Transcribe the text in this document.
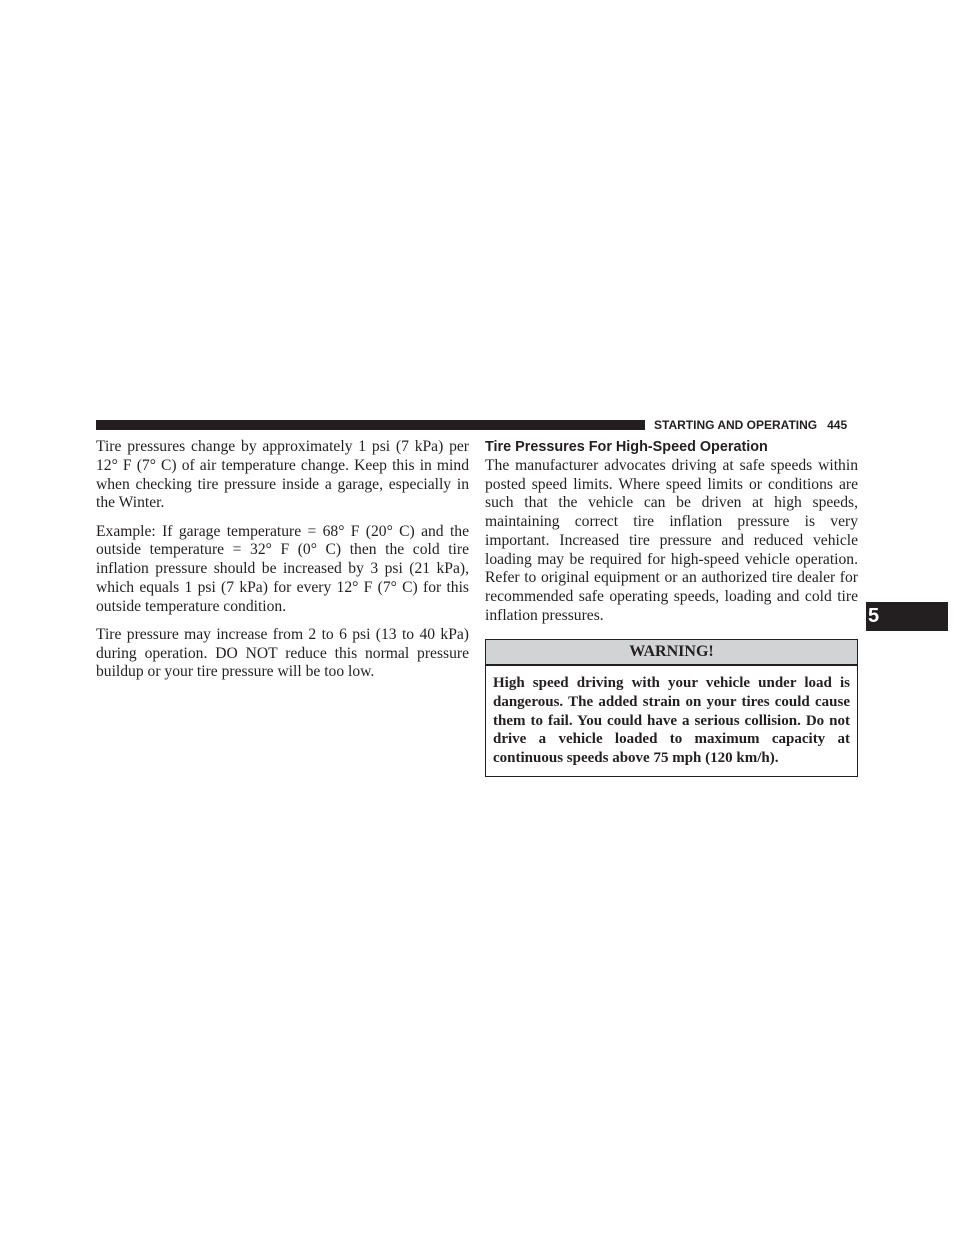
STARTING AND OPERATING 445

Tire pressures change by approximately 1 psi (7 kPa) per 12° F (7° C) of air temperature change. Keep this in mind when checking tire pressure inside a garage, especially in the Winter.

Example: If garage temperature = 68° F (20° C) and the outside temperature = 32° F (0° C) then the cold tire inflation pressure should be increased by 3 psi (21 kPa), which equals 1 psi (7 kPa) for every 12° F (7° C) for this outside temperature condition.

Tire pressure may increase from 2 to 6 psi (13 to 40 kPa) during operation. DO NOT reduce this normal pressure buildup or your tire pressure will be too low.

Tire Pressures For High-Speed Operation

The manufacturer advocates driving at safe speeds within posted speed limits. Where speed limits or conditions are such that the vehicle can be driven at high speeds, maintaining correct tire inflation pressure is very important. Increased tire pressure and reduced vehicle loading may be required for high-speed vehicle operation. Refer to original equipment or an authorized tire dealer for recommended safe operating speeds, loading and cold tire inflation pressures.

WARNING!
High speed driving with your vehicle under load is dangerous. The added strain on your tires could cause them to fail. You could have a serious collision. Do not drive a vehicle loaded to maximum capacity at continuous speeds above 75 mph (120 km/h).
5
